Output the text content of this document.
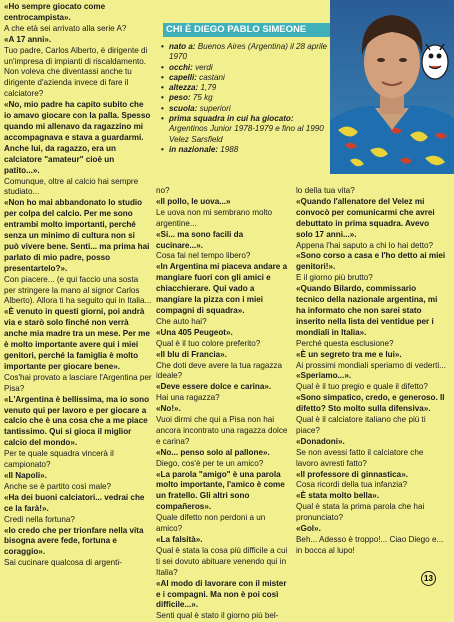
«Ho sempre giocato come centrocampista».

A che età sei arrivato alla serie A?

«A 17 anni».

Tuo padre, Carlos Alberto, è dirigente di un'impresa di impianti di riscaldamento. Non voleva che diventassi anche tu dirigente d'azienda invece di fare il calciatore?

«No, mio padre ha capito subito che io amavo giocare con la palla. Spesso quando mi allenavo da ragazzino mi accompagnava e stava a guardarmi. Anche lui, da ragazzo, era un calciatore "amateur" cioè un patito...».

Comunque, oltre al calcio hai sempre studiato...

«Non ho mai abbandonato lo studio per colpa del calcio. Per me sono entrambi molto importanti, perché senza un minimo di cultura non si può vivere bene. Senti... ma prima hai parlato di mio padre, posso presentartelo?».

Con piacere... (e qui faccio una sosta per stringere la mano al signor Carlos Alberto). Allora ti ha seguito qui in Italia...

«È venuto in questi giorni, poi andrà via e starò solo finché non verrà anche mia madre tra un mese. Per me è molto importante avere qui i miei genitori, perché la famiglia è molto importante per giocare bene».

Cos'hai provato a lasciare l'Argentina per Pisa?

«L'Argentina è bellissima, ma io sono venuto qui per lavoro e per giocare a calcio che è una cosa che a me piace tantissimo. Qui si gioca il miglior calcio del mondo».

Per te quale squadra vincerà il campionato?

«Il Napoli».

Anche se è partito così male?

«Ha dei buoni calciatori... vedrai che ce la farà!».

Credi nella fortuna?

«Io credo che per trionfare nella vita bisogna avere fede, fortuna e coraggio».

Sai cucinare qualcosa di argenti-

CHI È DIEGO PABLO SIMEONE
• nato a: Buenos Aires (Argentina) il 28 aprile 1970
• occhi: verdi
• capelli: castani
• altezza: 1,79
• peso: 75 kg
• scuola: superiori
• prima squadra in cui ha giocato: Argentinos Junior 1978-1979 e fino al 1990 Velez Sarsfield
• in nazionale: 1988

no?

«Il pollo, le uova...»

Le uova non mi sembrano molto argentine...

«Si... ma sono facili da cucinare...».

Cosa fai nel tempo libero?

«In Argentina mi piaceva andare a mangiare fuori con gli amici e chiacchierare. Qui vado a mangiare la pizza con i miei compagni di squadra».

Che auto hai?

«Una 405 Peugeot».

Qual è il tuo colore preferito?

«Il blu di Francia».

Che doti deve avere la tua ragazza ideale?

«Deve essere dolce e carina».

Hai una ragazza?

«No!».

Vuoi dirmi che qui a Pisa non hai ancora incontrato una ragazza dolce e carina?

«No... penso solo al pallone».

Diego, cos'è per te un amico?

«La parola "amigo" è una parola molto importante, l'amico è come un fratello. Gli altri sono compañeros».

Quale difetto non perdoni a un amico?

«La falsità».

Qual è stata la cosa più difficile a cui ti sei dovuto abituare venendo qui in Italia?

«Al modo di lavorare con il mister e i compagni. Ma non è poi così difficile...».

Senti qual è stato il giorno più bel-

lo della tua vita?

«Quando l'allenatore del Velez mi convocò per comunicarmi che avrei debuttato in prima squadra. Avevo solo 17 anni...».

Appena l'hai saputo a chi lo hai detto?

«Sono corso a casa e l'ho detto ai miei genitori!».

E il giorno più brutto?

«Quando Bilardo, commissario tecnico della nazionale argentina, mi ha informato che non sarei stato inserito nella lista dei ventidue per i mondiali in Italia».

Perché questa esclusione?

«È un segreto tra me e lui».

Ai prossimi mondiali speriamo di vederti...

«Speriamo...».

Qual è il tuo pregio e quale il difetto?

«Sono simpatico, credo, e generoso. Il difetto? Sto molto sulla difensiva».

Qual è il calciatore italiano che più ti piace?

«Donadoni».

Se non avessi fatto il calciatore che lavoro avresti fatto?

«Il professore di ginnastica».

Cosa ricordi della tua infanzia?

«È stata molto bella».

Qual è stata la prima parola che hai pronunciato?

«Gol».

Beh... Adesso è troppo!... Ciao Diego e... in bocca al lupo!

13
